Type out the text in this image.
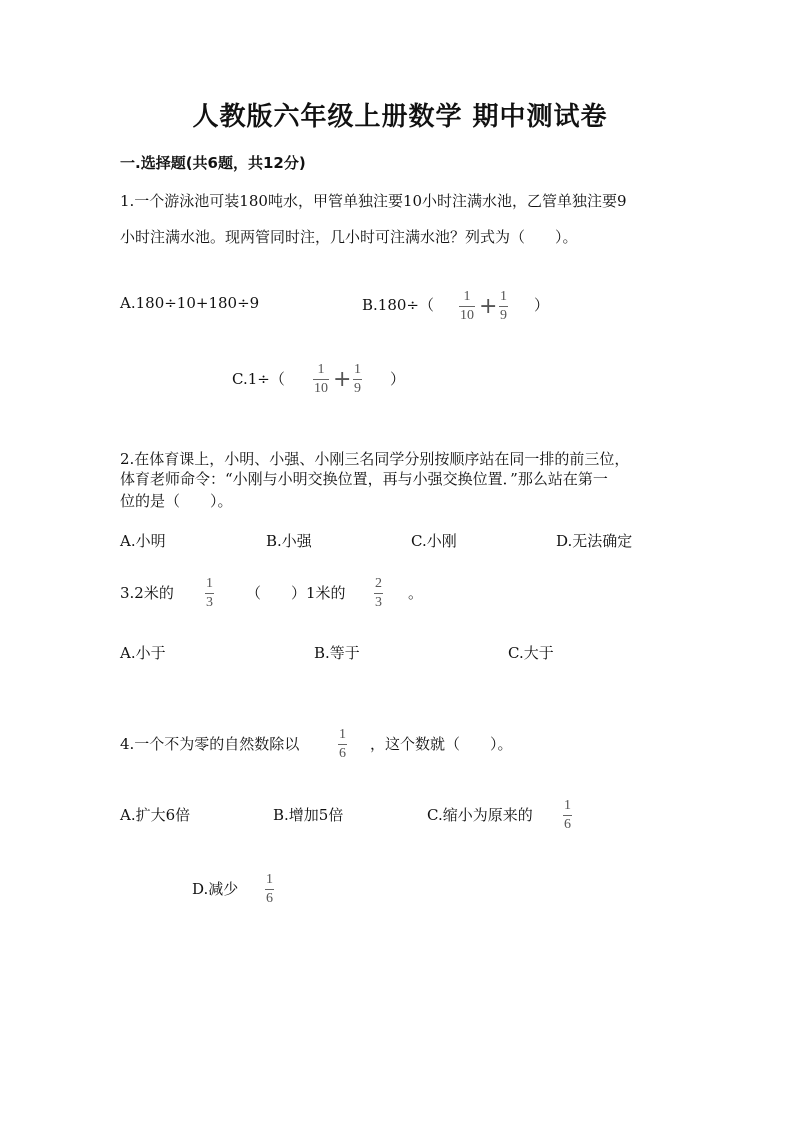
人教版六年级上册数学 期中测试卷
一.选择题(共6题，共12分)
1.一个游泳池可装180吨水，甲管单独注要10小时注满水池，乙管单独注要9
小时注满水池。现两管同时注，几小时可注满水池？列式为（　　）。
A.180÷10+180÷9	B.180÷（ 1
10 + 1
9
）
C.1÷（
1
10 + 1
9
）
2.在体育课上，小明、小强、小刚三名同学分别按顺序站在同一排的前三位，
体育老师命令：“小刚与小明交换位置，再与小强交换位置．”那么站在第一
位的是（　　）。
A.小明	B.小强	C.小刚	D.无法确定
3.2米的
1
3
（　　）1米的
2
3
。
A.小于	B.等于	C.大于
4.一个不为零的自然数除以
1
6
，这个数就（　　）。
A.扩大6倍	B.增加5倍	C.缩小为原来的
1
6
D.减少
1
6
